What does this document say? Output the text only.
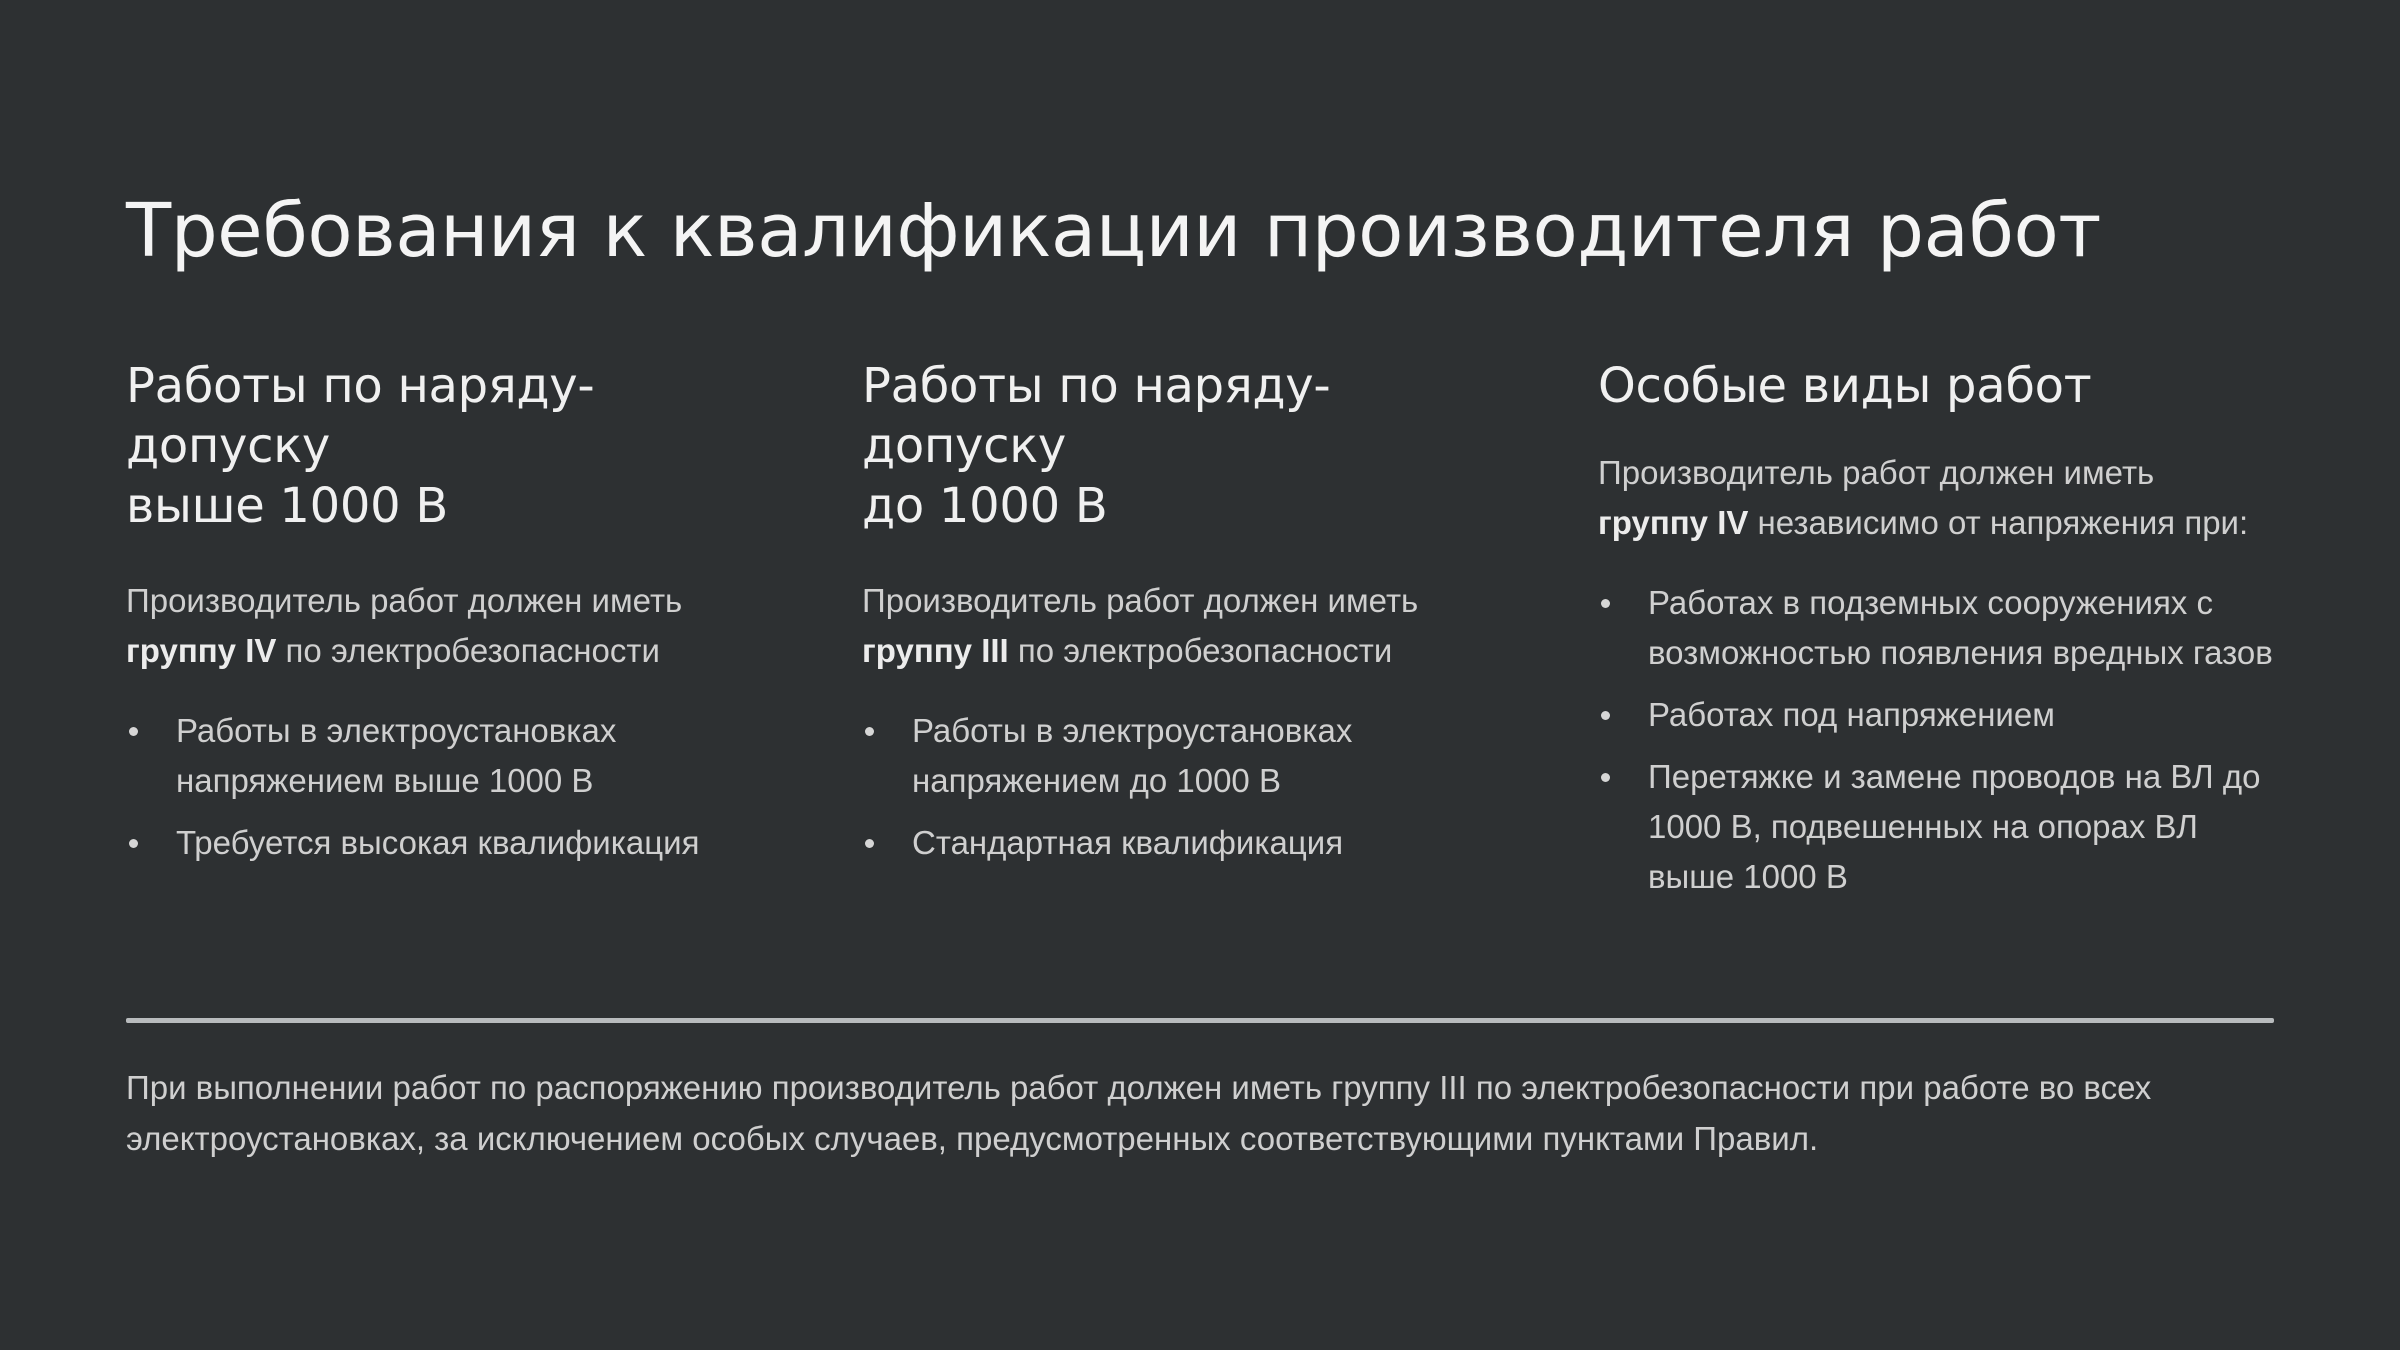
Требования к квалификации производителя работ
Работы по наряду-допуску
выше 1000 В

Производитель работ должен иметь
группу IV по электробезопасности

Работы в электроустановках напряжением выше 1000 В
Требуется высокая квалификация
Работы по наряду-допуску
до 1000 В

Производитель работ должен иметь
группу III по электробезопасности

Работы в электроустановках напряжением до 1000 В
Стандартная квалификация
Особые виды работ

Производитель работ должен иметь
группу IV независимо от напряжения при:

Работах в подземных сооружениях с возможностью появления вредных газов
Работах под напряжением
Перетяжке и замене проводов на ВЛ до 1000 В, подвешенных на опорах ВЛ выше 1000 В

При выполнении работ по распоряжению производитель работ должен иметь группу III по электробезопасности при работе во всех электроустановках, за исключением особых случаев, предусмотренных соответствующими пунктами Правил.
